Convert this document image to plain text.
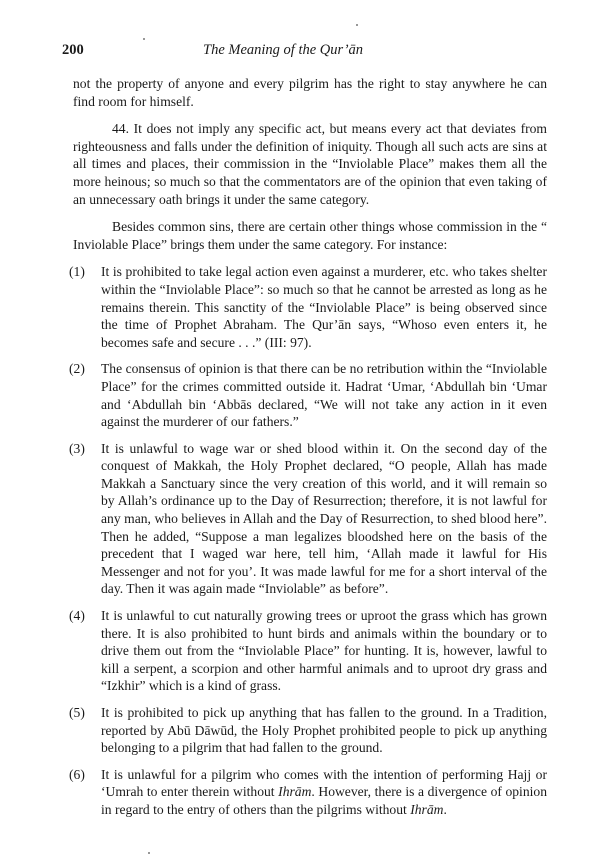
200	The Meaning of the Qur’ān

not the property of anyone and every pilgrim has the right to stay anywhere he can find room for himself.

44. It does not imply any specific act, but means every act that deviates from righteousness and falls under the definition of iniquity. Though all such acts are sins at all times and places, their commission in the “Inviolable Place” makes them all the more heinous; so much so that the commentators are of the opinion that even taking of an unnecessary oath brings it under the same category.

Besides common sins, there are certain other things whose commission in the “ Inviolable Place” brings them under the same category. For instance:

(1) It is prohibited to take legal action even against a murderer, etc. who takes shelter within the “Inviolable Place”: so much so that he cannot be arrested as long as he remains therein. This sanctity of the “Inviolable Place” is being observed since the time of Prophet Abraham. The Qur’ān says, “Whoso even enters it, he becomes safe and secure . . .” (III: 97).
(2) The consensus of opinion is that there can be no retribution within the “Inviolable Place” for the crimes committed outside it. Hadrat ‘Umar, ‘Abdullah bin ‘Umar and ‘Abdullah bin ‘Abbās declared, “We will not take any action in it even against the murderer of our fathers.”
(3) It is unlawful to wage war or shed blood within it. On the second day of the conquest of Makkah, the Holy Prophet declared, “O people, Allah has made Makkah a Sanctuary since the very creation of this world, and it will remain so by Allah’s ordinance up to the Day of Resurrection; therefore, it is not lawful for any man, who believes in Allah and the Day of Resurrection, to shed blood here”. Then he added, “Suppose a man legalizes bloodshed here on the basis of the precedent that I waged war here, tell him, ‘Allah made it lawful for His Messenger and not for you’. It was made lawful for me for a short interval of the day. Then it was again made “Inviolable” as before”.
(4) It is unlawful to cut naturally growing trees or uproot the grass which has grown there. It is also prohibited to hunt birds and animals within the boundary or to drive them out from the “Inviolable Place” for hunting. It is, however, lawful to kill a serpent, a scorpion and other harmful animals and to uproot dry grass and “Izkhir” which is a kind of grass.
(5) It is prohibited to pick up anything that has fallen to the ground. In a Tradition, reported by Abū Dāwūd, the Holy Prophet prohibited people to pick up anything belonging to a pilgrim that had fallen to the ground.
(6) It is unlawful for a pilgrim who comes with the intention of performing Hajj or ‘Umrah to enter therein without Ihrām. However, there is a divergence of opinion in regard to the entry of others than the pilgrims without Ihrām.
